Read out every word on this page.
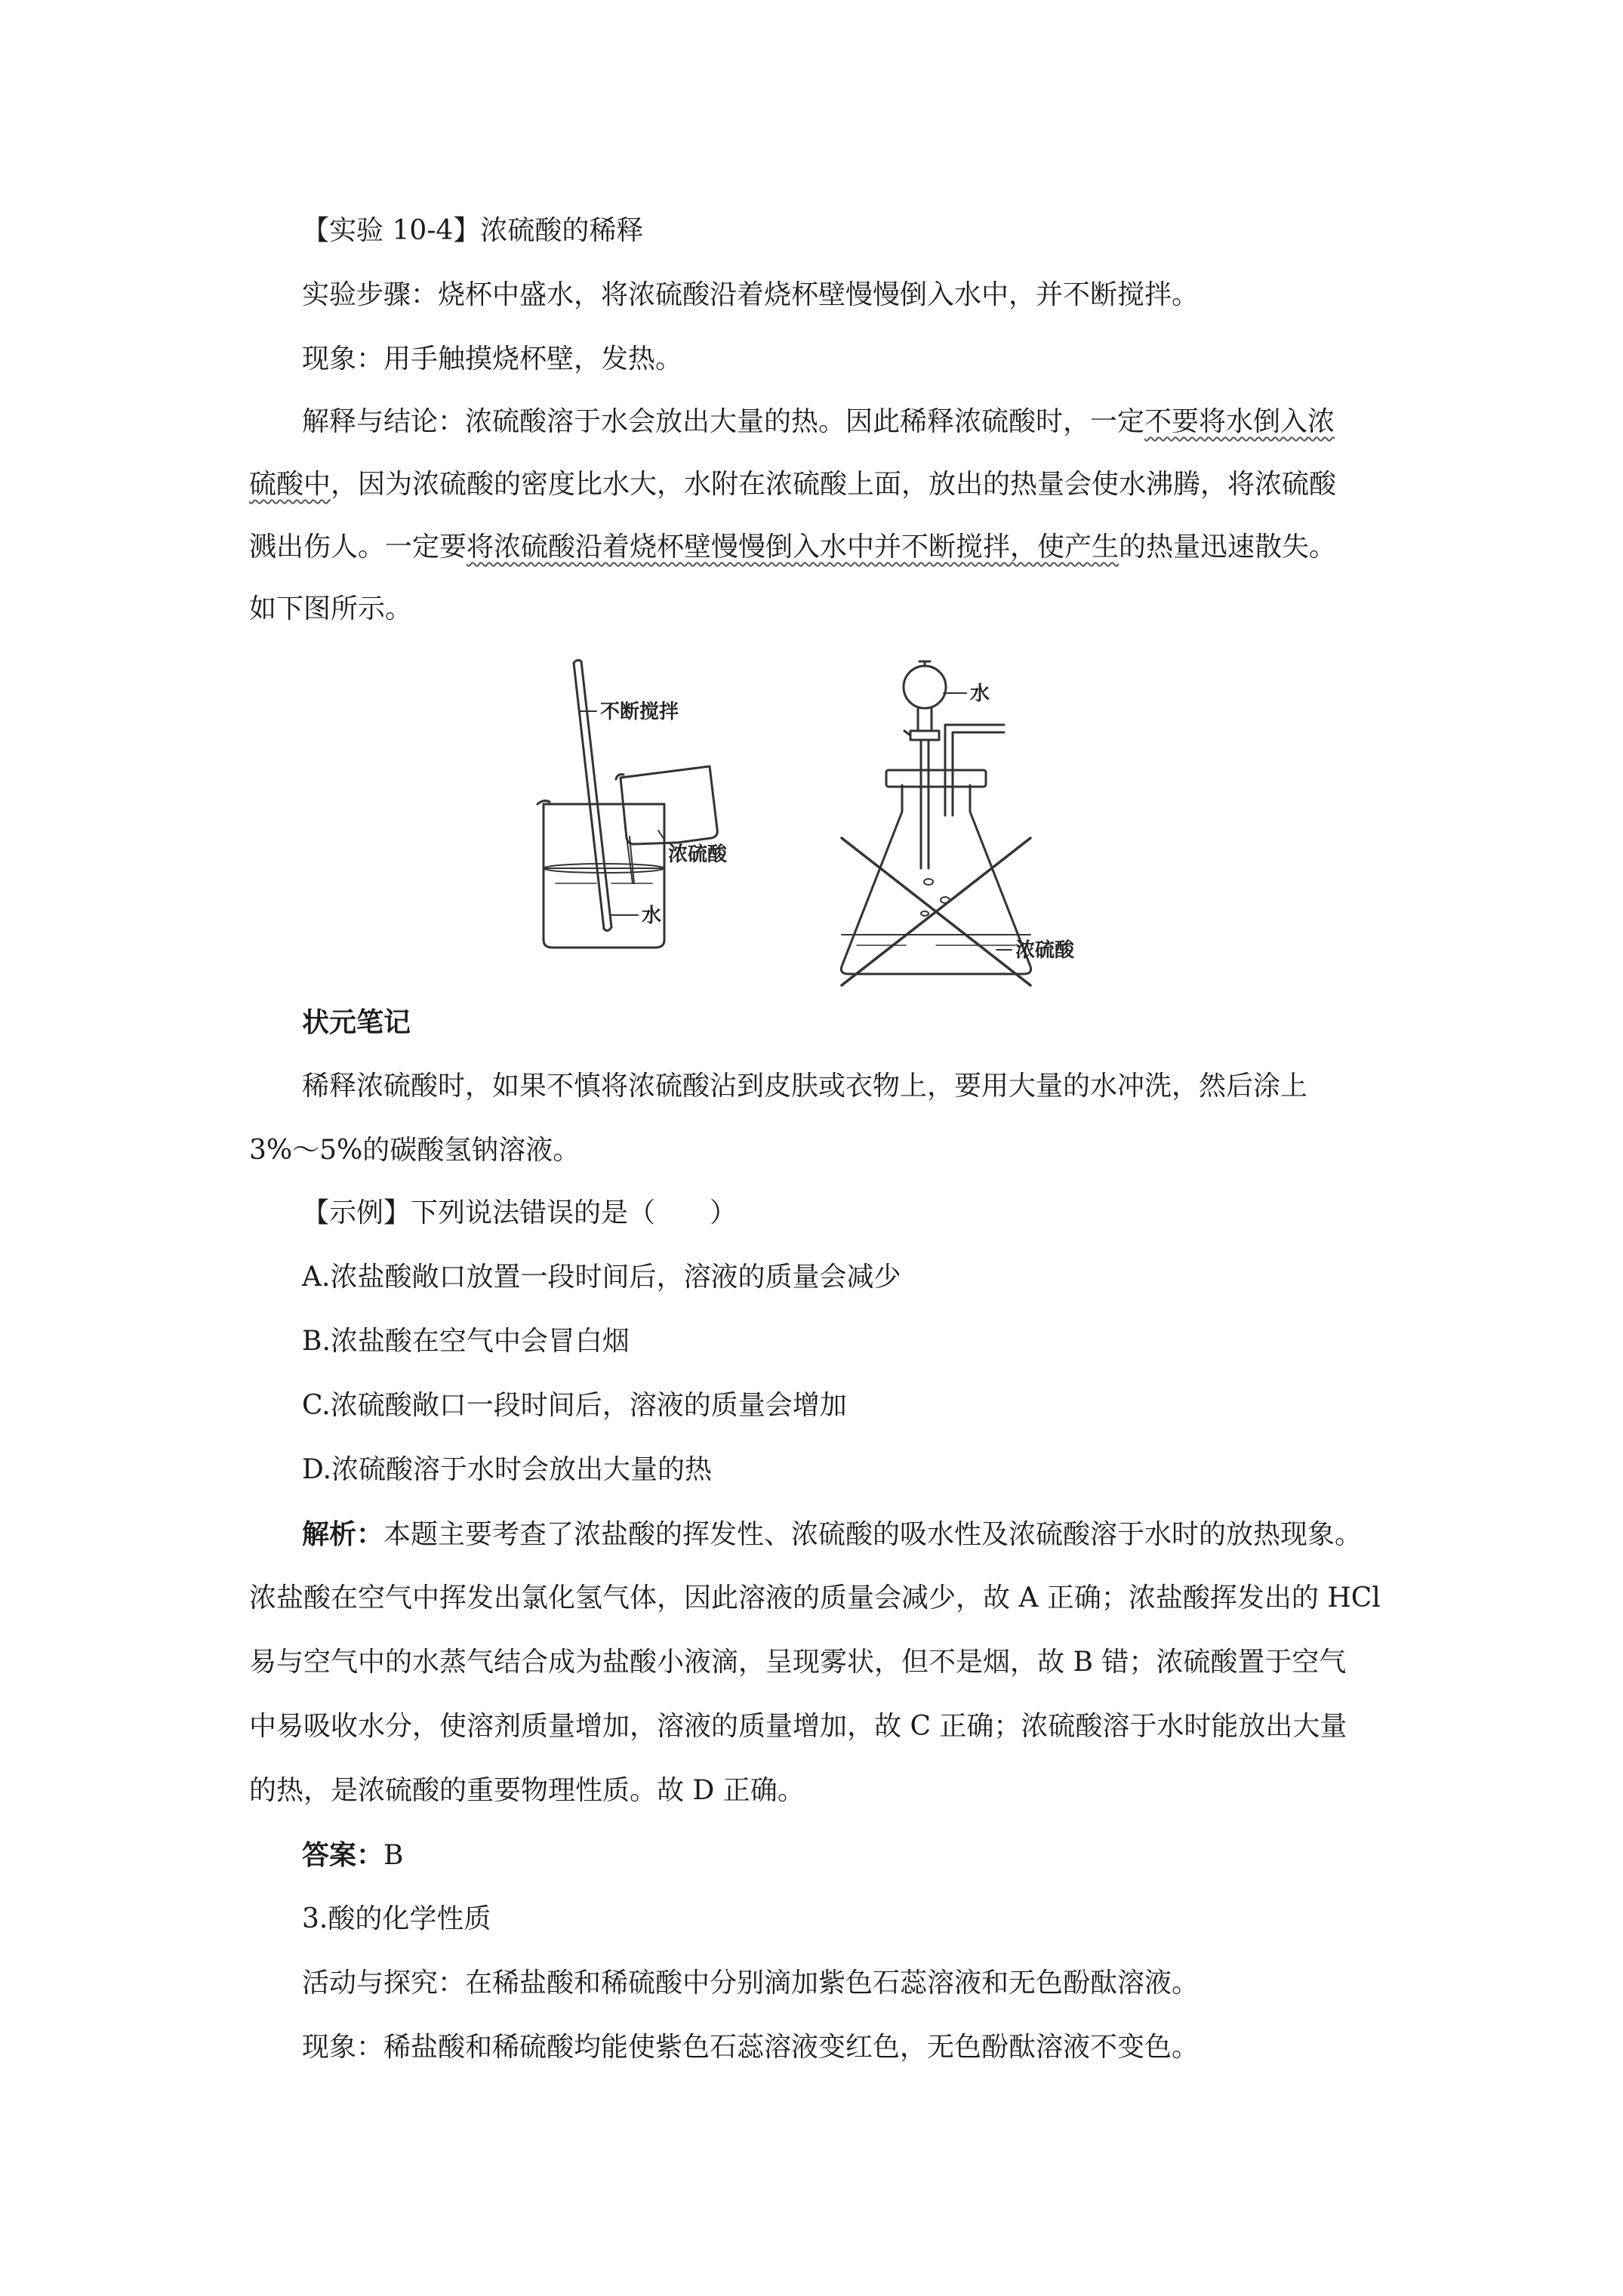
【实验 10-4】浓硫酸的稀释
实验步骤：烧杯中盛水，将浓硫酸沿着烧杯壁慢慢倒入水中，并不断搅拌。
现象：用手触摸烧杯壁，发热。
解释与结论：浓硫酸溶于水会放出大量的热。因此稀释浓硫酸时，一定不要将水倒入浓
硫酸中，因为浓硫酸的密度比水大，水附在浓硫酸上面，放出的热量会使水沸腾，将浓硫酸
溅出伤人。一定要将浓硫酸沿着烧杯壁慢慢倒入水中并不断搅拌，使产生的热量迅速散失。
如下图所示。
不断搅拌
浓硫酸
水
水
浓硫酸
状元笔记
稀释浓硫酸时，如果不慎将浓硫酸沾到皮肤或衣物上，要用大量的水冲洗，然后涂上
3%～5%的碳酸氢钠溶液。
【示例】下列说法错误的是（　　）
A.浓盐酸敞口放置一段时间后，溶液的质量会减少
B.浓盐酸在空气中会冒白烟
C.浓硫酸敞口一段时间后，溶液的质量会增加
D.浓硫酸溶于水时会放出大量的热
解析：本题主要考查了浓盐酸的挥发性、浓硫酸的吸水性及浓硫酸溶于水时的放热现象。
浓盐酸在空气中挥发出氯化氢气体，因此溶液的质量会减少，故 A 正确；浓盐酸挥发出的 HCl
易与空气中的水蒸气结合成为盐酸小液滴，呈现雾状，但不是烟，故 B 错；浓硫酸置于空气
中易吸收水分，使溶剂质量增加，溶液的质量增加，故 C 正确；浓硫酸溶于水时能放出大量
的热，是浓硫酸的重要物理性质。故 D 正确。
答案：B
3.酸的化学性质
活动与探究：在稀盐酸和稀硫酸中分别滴加紫色石蕊溶液和无色酚酞溶液。
现象：稀盐酸和稀硫酸均能使紫色石蕊溶液变红色，无色酚酞溶液不变色。
